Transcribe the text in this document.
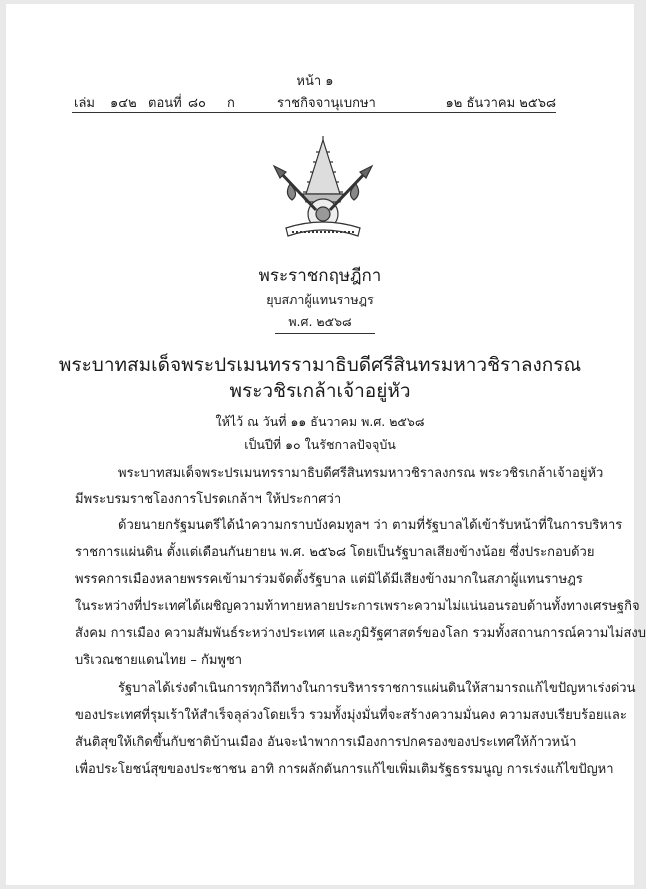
หน้า ๑
เล่ม ๑๔๒ ตอนที่ ๘๐ ก	ราชกิจจานุเบกษา	๑๒ ธันวาคม ๒๕๖๘
พระราชกฤษฎีกา
ยุบสภาผู้แทนราษฎร
พ.ศ. ๒๕๖๘
พระบาทสมเด็จพระปรเมนทรรามาธิบดีศรีสินทรมหาวชิราลงกรณ
พระวชิรเกล้าเจ้าอยู่หัว
ให้ไว้ ณ วันที่ ๑๑ ธันวาคม พ.ศ. ๒๕๖๘
เป็นปีที่ ๑๐ ในรัชกาลปัจจุบัน
พระบาทสมเด็จพระปรเมนทรรามาธิบดีศรีสินทรมหาวชิราลงกรณ พระวชิรเกล้าเจ้าอยู่หัว
มีพระบรมราชโองการโปรดเกล้าฯ ให้ประกาศว่า
ด้วยนายกรัฐมนตรีได้นำความกราบบังคมทูลฯ ว่า ตามที่รัฐบาลได้เข้ารับหน้าที่ในการบริหาร
ราชการแผ่นดิน ตั้งแต่เดือนกันยายน พ.ศ. ๒๕๖๘ โดยเป็นรัฐบาลเสียงข้างน้อย ซึ่งประกอบด้วย
พรรคการเมืองหลายพรรคเข้ามาร่วมจัดตั้งรัฐบาล แต่มิได้มีเสียงข้างมากในสภาผู้แทนราษฎร
ในระหว่างที่ประเทศได้เผชิญความท้าทายหลายประการเพราะความไม่แน่นอนรอบด้านทั้งทางเศรษฐกิจ
สังคม การเมือง ความสัมพันธ์ระหว่างประเทศ และภูมิรัฐศาสตร์ของโลก รวมทั้งสถานการณ์ความไม่สงบ
บริเวณชายแดนไทย – กัมพูชา
รัฐบาลได้เร่งดำเนินการทุกวิถีทางในการบริหารราชการแผ่นดินให้สามารถแก้ไขปัญหาเร่งด่วน
ของประเทศที่รุมเร้าให้สำเร็จลุล่วงโดยเร็ว รวมทั้งมุ่งมั่นที่จะสร้างความมั่นคง ความสงบเรียบร้อยและ
สันติสุขให้เกิดขึ้นกับชาติบ้านเมือง อันจะนำพาการเมืองการปกครองของประเทศให้ก้าวหน้า
เพื่อประโยชน์สุขของประชาชน อาทิ การผลักดันการแก้ไขเพิ่มเติมรัฐธรรมนูญ การเร่งแก้ไขปัญหา
